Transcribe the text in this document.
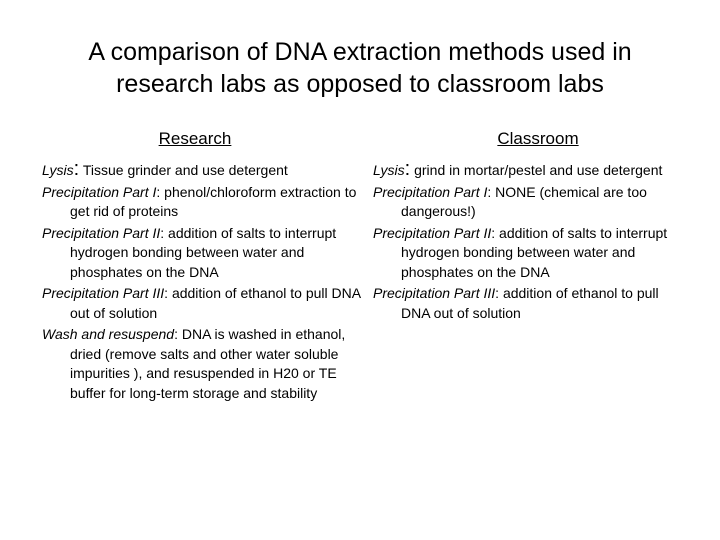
A comparison of DNA extraction methods used in research labs as opposed to classroom labs
Research
Lysis: Tissue grinder and use detergent
Precipitation Part I: phenol/chloroform extraction to get rid of proteins
Precipitation Part II: addition of salts to interrupt hydrogen bonding between water and phosphates on the DNA
Precipitation Part III: addition of ethanol to pull DNA out of solution
Wash and resuspend: DNA is washed in ethanol, dried (remove salts and other water soluble impurities ), and resuspended in H20 or TE buffer for long-term storage and stability
Classroom
Lysis: grind in mortar/pestel and use detergent
Precipitation Part I: NONE (chemical are too dangerous!)
Precipitation Part II: addition of salts to interrupt hydrogen bonding between water and phosphates on the DNA
Precipitation Part III: addition of ethanol to pull DNA out of solution
